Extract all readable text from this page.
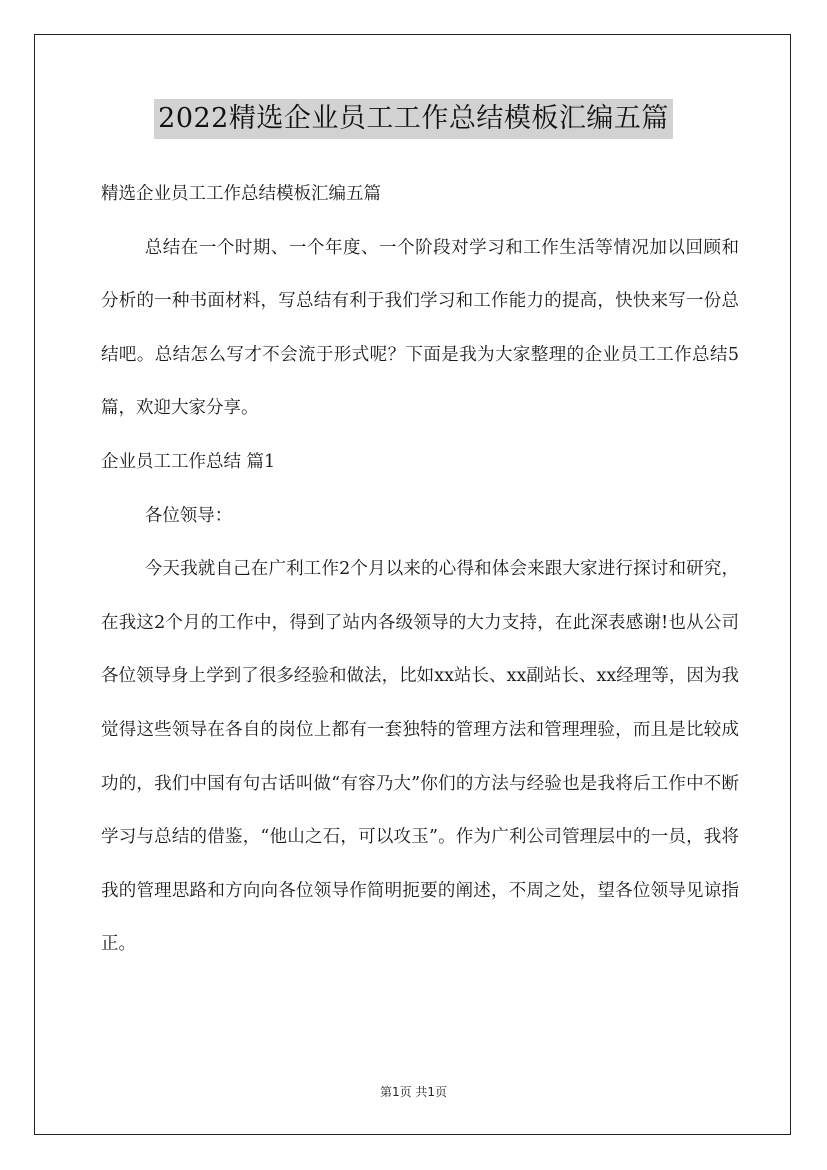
2022精选企业员工工作总结模板汇编五篇

精选企业员工工作总结模板汇编五篇

总结在一个时期、一个年度、一个阶段对学习和工作生活等情况加以回顾和分析的一种书面材料，写总结有利于我们学习和工作能力的提高，快快来写一份总结吧。总结怎么写才不会流于形式呢？下面是我为大家整理的企业员工工作总结5篇，欢迎大家分享。

企业员工工作总结 篇1

各位领导：

今天我就自己在广利工作2个月以来的心得和体会来跟大家进行探讨和研究，在我这2个月的工作中，得到了站内各级领导的大力支持，在此深表感谢!也从公司各位领导身上学到了很多经验和做法，比如xx站长、xx副站长、xx经理等，因为我觉得这些领导在各自的岗位上都有一套独特的管理方法和管理理验，而且是比较成功的，我们中国有句古话叫做“有容乃大”你们的方法与经验也是我将后工作中不断学习与总结的借鉴，“他山之石，可以攻玉”。作为广利公司管理层中的一员，我将我的管理思路和方向向各位领导作简明扼要的阐述，不周之处，望各位领导见谅指正。

第1页 共1页
